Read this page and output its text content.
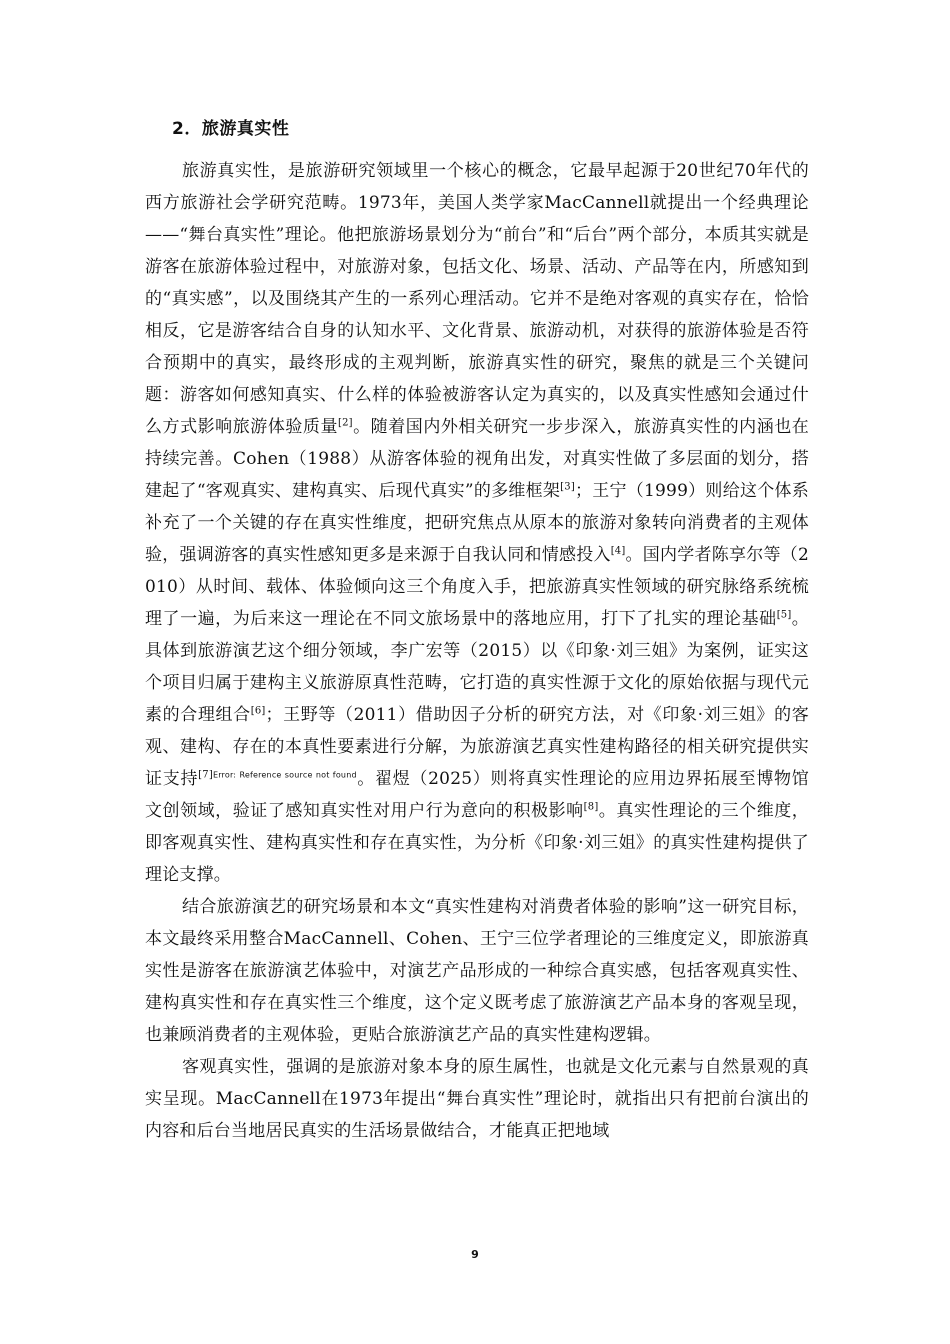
2．旅游真实性

旅游真实性，是旅游研究领域里一个核心的概念，它最早起源于20世纪70年代的西方旅游社会学研究范畴。1973年，美国人类学家MacCannell就提出一个经典理论——“舞台真实性”理论。他把旅游场景划分为“前台”和“后台”两个部分，本质其实就是游客在旅游体验过程中，对旅游对象，包括文化、场景、活动、产品等在内，所感知到的“真实感”，以及围绕其产生的一系列心理活动。它并不是绝对客观的真实存在，恰恰相反，它是游客结合自身的认知水平、文化背景、旅游动机，对获得的旅游体验是否符合预期中的真实，最终形成的主观判断，旅游真实性的研究，聚焦的就是三个关键问题：游客如何感知真实、什么样的体验被游客认定为真实的，以及真实性感知会通过什么方式影响旅游体验质量[2]。随着国内外相关研究一步步深入，旅游真实性的内涵也在持续完善。Cohen（1988）从游客体验的视角出发，对真实性做了多层面的划分，搭建起了“客观真实、建构真实、后现代真实”的多维框架[3]；王宁（1999）则给这个体系补充了一个关键的存在真实性维度，把研究焦点从原本的旅游对象转向消费者的主观体验，强调游客的真实性感知更多是来源于自我认同和情感投入[4]。国内学者陈享尔等（2010）从时间、载体、体验倾向这三个角度入手，把旅游真实性领域的研究脉络系统梳理了一遍，为后来这一理论在不同文旅场景中的落地应用，打下了扎实的理论基础[5]。具体到旅游演艺这个细分领域，李广宏等（2015）以《印象·刘三姐》为案例，证实这个项目归属于建构主义旅游原真性范畴，它打造的真实性源于文化的原始依据与现代元素的合理组合[6]；王野等（2011）借助因子分析的研究方法，对《印象·刘三姐》的客观、建构、存在的本真性要素进行分解，为旅游演艺真实性建构路径的相关研究提供实证支持$^{[7]Error: Reference source not found}$。翟煜（2025）则将真实性理论的应用边界拓展至博物馆文创领域，验证了感知真实性对用户行为意向的积极影响[8]。真实性理论的三个维度，即客观真实性、建构真实性和存在真实性，为分析《印象·刘三姐》的真实性建构提供了理论支撑。

结合旅游演艺的研究场景和本文“真实性建构对消费者体验的影响”这一研究目标，本文最终采用整合MacCannell、Cohen、王宁三位学者理论的三维度定义，即旅游真实性是游客在旅游演艺体验中，对演艺产品形成的一种综合真实感，包括客观真实性、建构真实性和存在真实性三个维度，这个定义既考虑了旅游演艺产品本身的客观呈现，也兼顾消费者的主观体验，更贴合旅游演艺产品的真实性建构逻辑。

客观真实性，强调的是旅游对象本身的原生属性，也就是文化元素与自然景观的真实呈现。MacCannell在1973年提出“舞台真实性”理论时，就指出只有把前台演出的内容和后台当地居民真实的生活场景做结合，才能真正把地域

9
